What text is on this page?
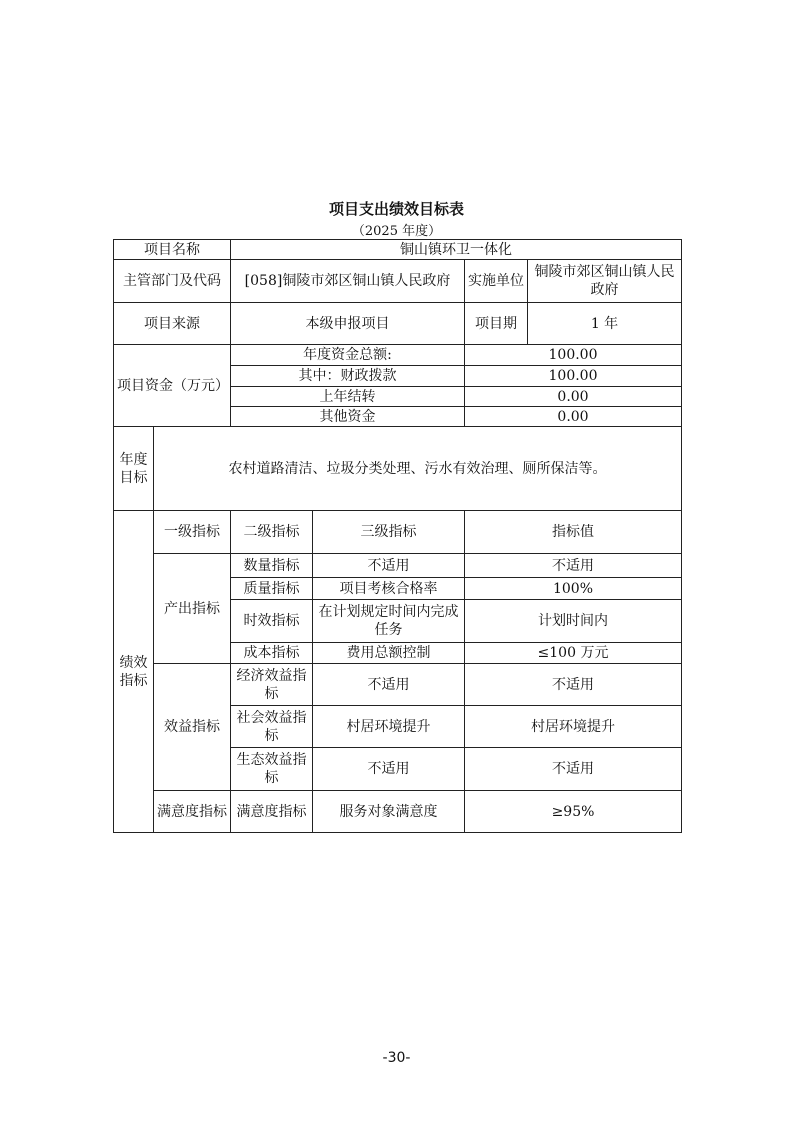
项目支出绩效目标表
（2025 年度）
项目名称		铜山镇环卫一体化			
主管部门及代码		[058]铜陵市郊区铜山镇人民政府		实施单位	铜陵市郊区铜山镇人民政府
项目来源		本级申报项目		项目期	1 年
项目资金（万元）		年度资金总额:		100.00	
		其中：财政拨款		100.00	
		上年结转		0.00	
		其他资金		0.00	
年度目标	农村道路清洁、垃圾分类处理、污水有效治理、厕所保洁等。				
绩效指标	一级指标	二级指标	三级指标	指标值	
	产出指标	数量指标	不适用	不适用	
		质量指标	项目考核合格率	100%	
		时效指标	在计划规定时间内完成任务	计划时间内	
		成本指标	费用总额控制	≤100 万元	
	效益指标	经济效益指标	不适用	不适用	
		社会效益指标	村居环境提升	村居环境提升	
		生态效益指标	不适用	不适用	
	满意度指标	满意度指标	服务对象满意度	≥95%	
-30-
